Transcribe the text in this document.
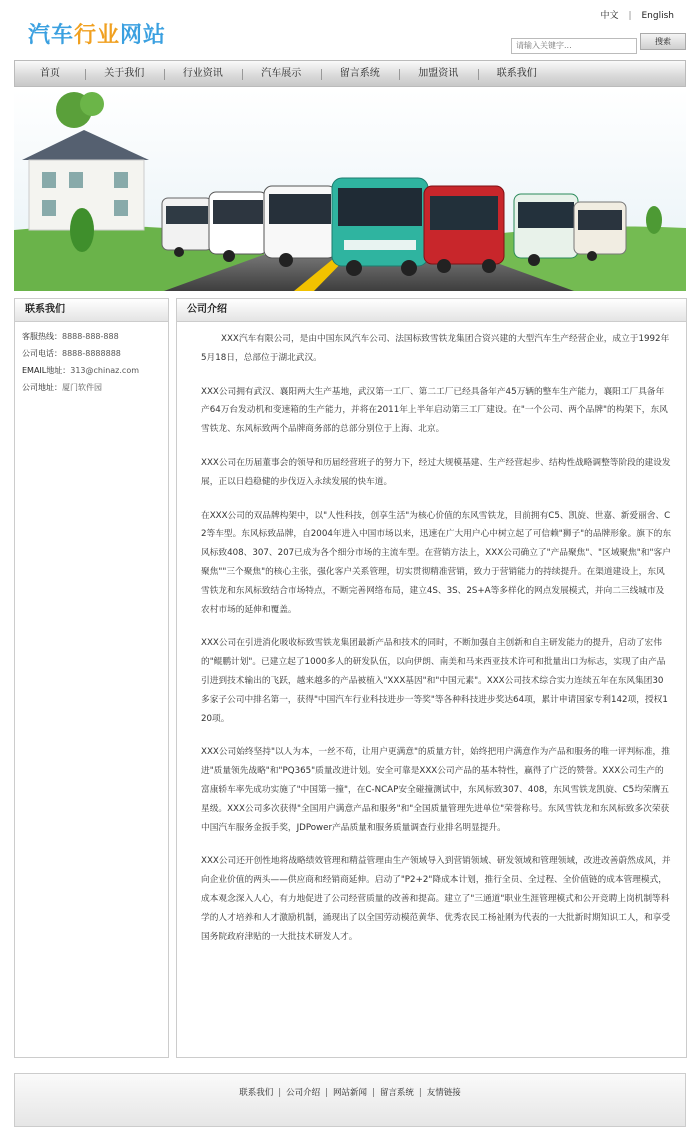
汽车行业网站
中文 | English
请输入关键字...
搜索
首页	关于我们	行业资讯	汽车展示	留言系统	加盟资讯	联系我们
联系我们
客服热线：8888-888-888
公司电话：8888-8888888
EMAIL地址：313@chinaz.com
公司地址：厦门软件园
公司介绍

XXX汽车有限公司，是由中国东风汽车公司、法国标致雪铁龙集团合资兴建的大型汽车生产经营企业，成立于1992年5月18日，总部位于湖北武汉。

XXX公司拥有武汉、襄阳两大生产基地，武汉第一工厂、第二工厂已经具备年产45万辆的整车生产能力，襄阳工厂具备年产64万台发动机和变速箱的生产能力，并将在2011年上半年启动第三工厂建设。在"一个公司、两个品牌"的构架下，东风雪铁龙、东风标致两个品牌商务部的总部分别位于上海、北京。

XXX公司在历届董事会的领导和历届经营班子的努力下，经过大规模基建、生产经营起步、结构性战略调整等阶段的建设发展，正以日趋稳健的步伐迈入永续发展的快车道。

在XXX公司的双品牌构架中，以"人性科技，创享生活"为核心价值的东风雪铁龙，目前拥有C5、凯旋、世嘉、新爱丽舍、C2等车型。东风标致品牌，自2004年进入中国市场以来，迅速在广大用户心中树立起了可信赖"狮子"的品牌形象。旗下的东风标致408、307、207已成为各个细分市场的主流车型。在营销方法上，XXX公司确立了"产品聚焦"、"区域聚焦"和"客户聚焦""三个聚焦"的核心主张，强化客户关系管理，切实贯彻精准营销，致力于营销能力的持续提升。在渠道建设上，东风雪铁龙和东风标致结合市场特点，不断完善网络布局，建立4S、3S、2S+A等多样化的网点发展模式，并向二三线城市及农村市场的延伸和覆盖。

XXX公司在引进消化吸收标致雪铁龙集团最新产品和技术的同时，不断加强自主创新和自主研发能力的提升，启动了宏伟的"鲲鹏计划"。已建立起了1000多人的研发队伍，以向伊朗、南美和马来西亚技术许可和批量出口为标志，实现了由产品引进到技术输出的飞跃，越来越多的产品被植入"XXX基因"和"中国元素"。XXX公司技术综合实力连续五年在东风集团30多家子公司中排名第一，获得"中国汽车行业科技进步一等奖"等各种科技进步奖达64项，累计申请国家专利142项，授权120项。

XXX公司始终坚持"以人为本，一丝不苟，让用户更满意"的质量方针，始终把用户满意作为产品和服务的唯一评判标准，推进"质量领先战略"和"PQ365"质量改进计划。安全可靠是XXX公司产品的基本特性，赢得了广泛的赞誉。XXX公司生产的富康轿车率先成功实施了"中国第一撞"，在C-NCAP安全碰撞测试中，东风标致307、408，东风雪铁龙凯旋、C5均荣膺五星级。XXX公司多次获得"全国用户满意产品和服务"和"全国质量管理先进单位"荣誉称号。东风雪铁龙和东风标致多次荣获中国汽车服务金扳手奖，JDPower产品质量和服务质量调查行业排名明显提升。

XXX公司还开创性地将战略绩效管理和精益管理由生产领域导入到营销领域、研发领域和管理领域，改进改善蔚然成风，并向企业价值的两头——供应商和经销商延伸。启动了"P2+2"降成本计划，推行全员、全过程、全价值链的成本管理模式，成本观念深入人心，有力地促进了公司经营质量的改善和提高。建立了"三通道"职业生涯管理模式和公开竞聘上岗机制等科学的人才培养和人才激励机制，涌现出了以全国劳动模范黄华、优秀农民工杨祉刚为代表的一大批新时期知识工人，和享受国务院政府津贴的一大批技术研发人才。

联系我们 | 公司介绍 | 网站新闻 | 留言系统 | 友情链接
